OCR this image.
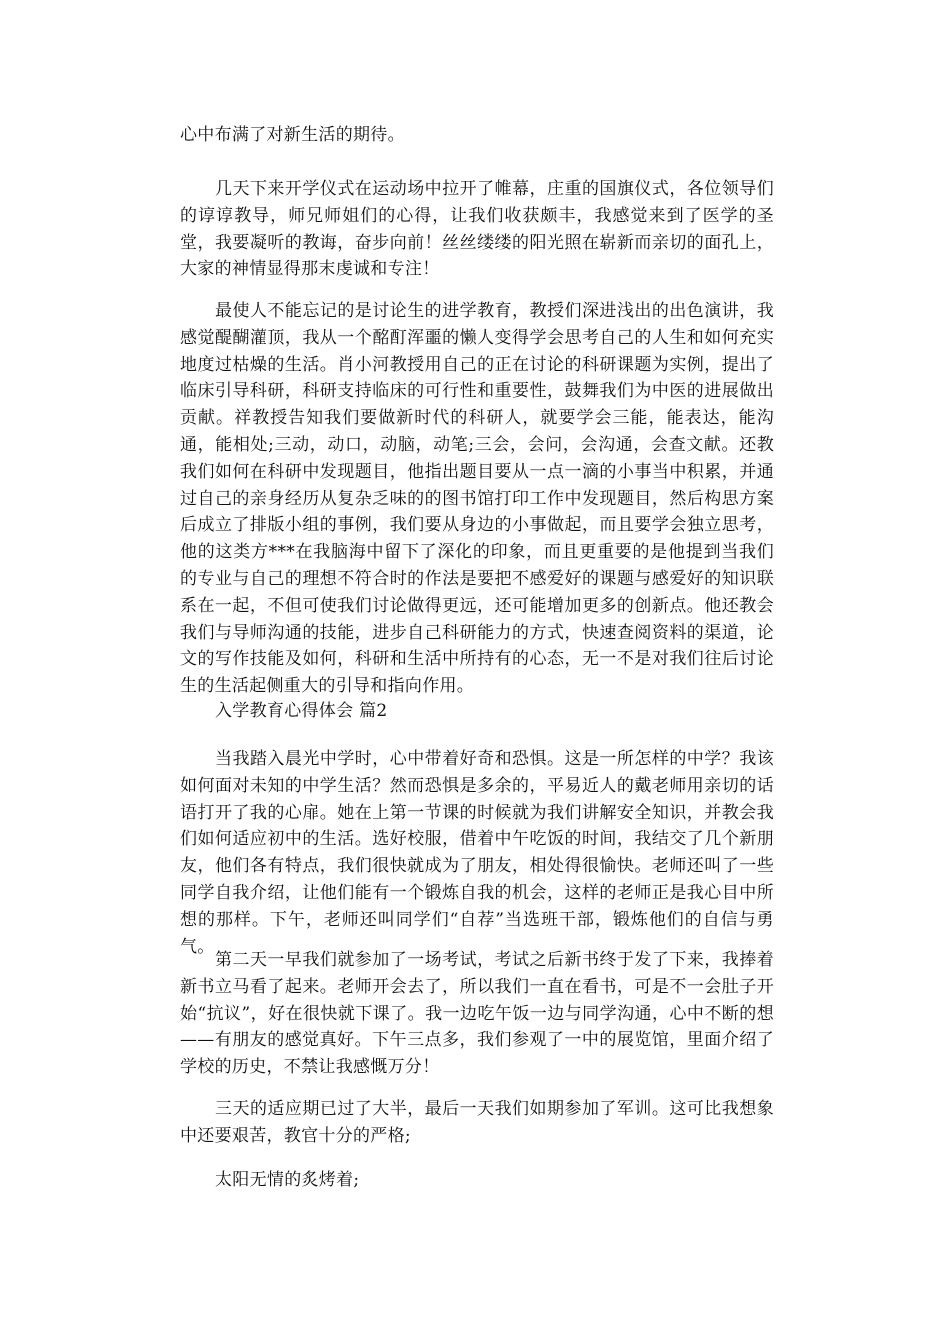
心中布满了对新生活的期待。
几天下来开学仪式在运动场中拉开了帷幕，庄重的国旗仪式，各位领导们的谆谆教导，师兄师姐们的心得，让我们收获颇丰，我感觉来到了医学的圣堂，我要凝听的教诲，奋步向前！丝丝缕缕的阳光照在崭新而亲切的面孔上，大家的神情显得那末虔诚和专注！
最使人不能忘记的是讨论生的进学教育，教授们深进浅出的出色演讲，我感觉醍醐灌顶，我从一个酩酊浑噩的懒人变得学会思考自己的人生和如何充实地度过枯燥的生活。肖小河教授用自己的正在讨论的科研课题为实例，提出了临床引导科研，科研支持临床的可行性和重要性，鼓舞我们为中医的进展做出贡献。祥教授告知我们要做新时代的科研人，就要学会三能，能表达，能沟通，能相处;三动，动口，动脑，动笔;三会，会问，会沟通，会查文献。还教我们如何在科研中发现题目，他指出题目要从一点一滴的小事当中积累，并通过自己的亲身经历从复杂乏味的的图书馆打印工作中发现题目，然后构思方案后成立了排版小组的事例，我们要从身边的小事做起，而且要学会独立思考，他的这类方***在我脑海中留下了深化的印象，而且更重要的是他提到当我们的专业与自己的理想不符合时的作法是要把不感爱好的课题与感爱好的知识联系在一起，不但可使我们讨论做得更远，还可能增加更多的创新点。他还教会我们与导师沟通的技能，进步自己科研能力的方式，快速查阅资料的渠道，论文的写作技能及如何，科研和生活中所持有的心态，无一不是对我们往后讨论生的生活起侧重大的引导和指向作用。
入学教育心得体会 篇2
当我踏入晨光中学时，心中带着好奇和恐惧。这是一所怎样的中学？我该如何面对未知的中学生活？然而恐惧是多余的，平易近人的戴老师用亲切的话语打开了我的心扉。她在上第一节课的时候就为我们讲解安全知识，并教会我们如何适应初中的生活。选好校服，借着中午吃饭的时间，我结交了几个新朋友，他们各有特点，我们很快就成为了朋友，相处得很愉快。老师还叫了一些同学自我介绍，让他们能有一个锻炼自我的机会，这样的老师正是我心目中所想的那样。下午，老师还叫同学们“自荐”当选班干部，锻炼他们的自信与勇气。
第二天一早我们就参加了一场考试，考试之后新书终于发了下来，我捧着新书立马看了起来。老师开会去了，所以我们一直在看书，可是不一会肚子开始“抗议”，好在很快就下课了。我一边吃午饭一边与同学沟通，心中不断的想——有朋友的感觉真好。下午三点多，我们参观了一中的展览馆，里面介绍了学校的历史，不禁让我感慨万分！
三天的适应期已过了大半，最后一天我们如期参加了军训。这可比我想象中还要艰苦，教官十分的严格;
太阳无情的炙烤着;
